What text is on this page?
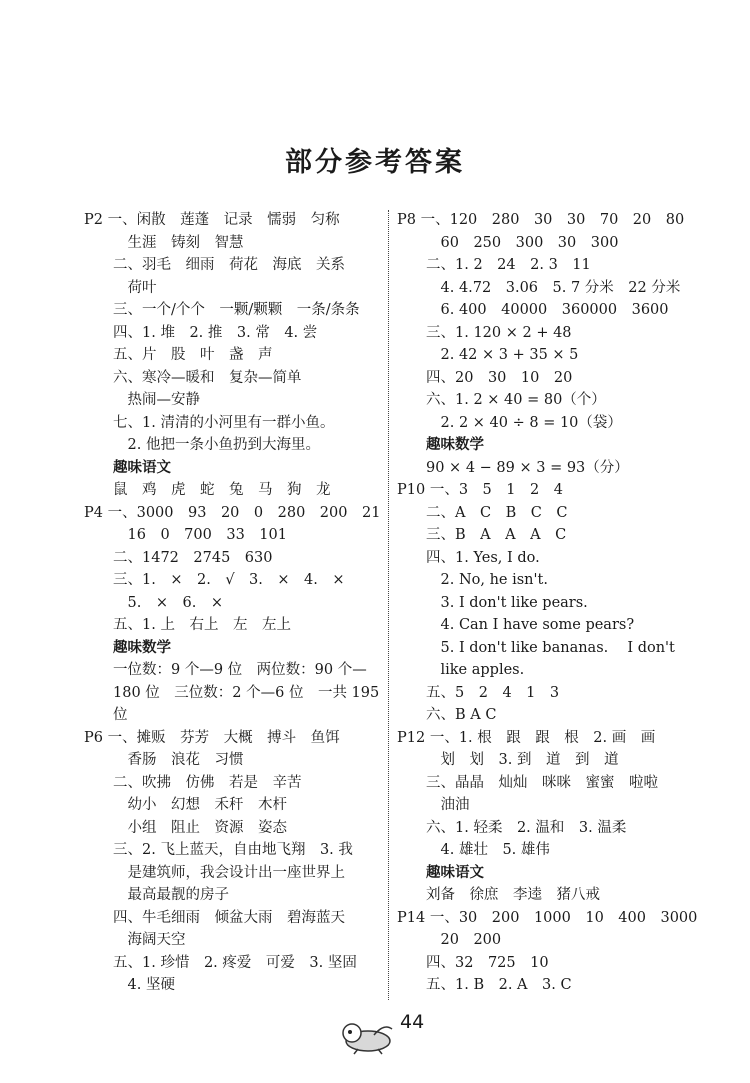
部分参考答案
P2 一、闲散　莲蓬　记录　懦弱　匀称
　　　生涯　铸刻　智慧
　　二、羽毛　细雨　荷花　海底　关系
　　　荷叶
　　三、一个/个个　一颗/颗颗　一条/条条
　　四、1. 堆　2. 推　3. 常　4. 尝
　　五、片　股　叶　盏　声
　　六、寒冷—暖和　复杂—简单
　　　热闹—安静
　　七、1. 清清的小河里有一群小鱼。
　　　2. 他把一条小鱼扔到大海里。
　　趣味语文
　　鼠　鸡　虎　蛇　兔　马　狗　龙
P4 一、3000　93　20　0　280　200　21
　　　16　0　700　33　101
　　二、1472　2745　630
　　三、1.　×　2.　√　3.　×　4.　×
　　　5.　×　6.　×
　　五、1. 上　右上　左　左上
　　趣味数学
　　一位数：9 个—9 位　两位数：90 个—
　　180 位　三位数：2 个—6 位　一共 195
　　位
P6 一、摊贩　芬芳　大概　搏斗　鱼饵
　　　香肠　浪花　习惯
　　二、吹拂　仿佛　若是　辛苦
　　　幼小　幻想　禾秆　木杆
　　　小组　阻止　资源　姿态
　　三、2. 飞上蓝天，自由地飞翔　3. 我
　　　是建筑师，我会设计出一座世界上
　　　最高最靓的房子
　　四、牛毛细雨　倾盆大雨　碧海蓝天
　　　海阔天空
　　五、1. 珍惜　2. 疼爱　可爱　3. 坚固
　　　4. 坚硬
P8 一、120　280　30　30　70　20　80
　　　60　250　300　30　300
　　二、1. 2　24　2. 3　11
　　　4. 4.72　3.06　5. 7 分米　22 分米
　　　6. 400　40000　360000　3600
　　三、1. 120 × 2 + 48
　　　2. 42 × 3 + 35 × 5
　　四、20　30　10　20
　　六、1. 2 × 40 = 80（个）
　　　2. 2 × 40 ÷ 8 = 10（袋）
　　趣味数学
　　90 × 4 − 89 × 3 = 93（分）
P10 一、3　5　1　2　4
　　二、A　C　B　C　C
　　三、B　A　A　A　C
　　四、1. Yes, I do.
　　　2. No, he isn't.
　　　3. I don't like pears.
　　　4. Can I have some pears?
　　　5. I don't like bananas.　 I don't
　　　like apples.
　　五、5　2　4　1　3
　　六、B A C
P12 一、1. 根　跟　跟　根　2. 画　画
　　　划　划　3. 到　道　到　道
　　三、晶晶　灿灿　咪咪　蜜蜜　啦啦
　　　油油
　　六、1. 轻柔　2. 温和　3. 温柔
　　　4. 雄壮　5. 雄伟
　　趣味语文
　　刘备　徐庶　李逵　猪八戒
P14 一、30　200　1000　10　400　3000
　　　20　200
　　四、32　725　10
　　五、1. B　2. A　3. C
44
